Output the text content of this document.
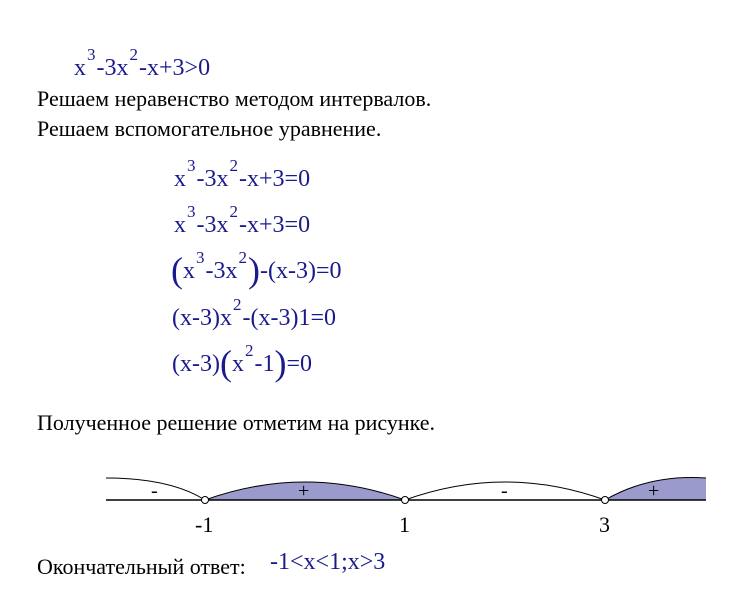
$x^3-3x^2-x+3>0$
Решаем неравенство методом интервалов.
Решаем вспомогательное уравнение.
$x^3-3x^2-x+3=0$
$x^3-3x^2-x+3=0$
$(x^3-3x^2)-(x-3)=0$
$(x-3)x^2-(x-3)1=0$
$(x-3)(x^2-1)=0$
Полученное решение отметим на рисунке.
-	+	-	+
-1	1	3
Окончательный ответ: -1<x<1;x>3
